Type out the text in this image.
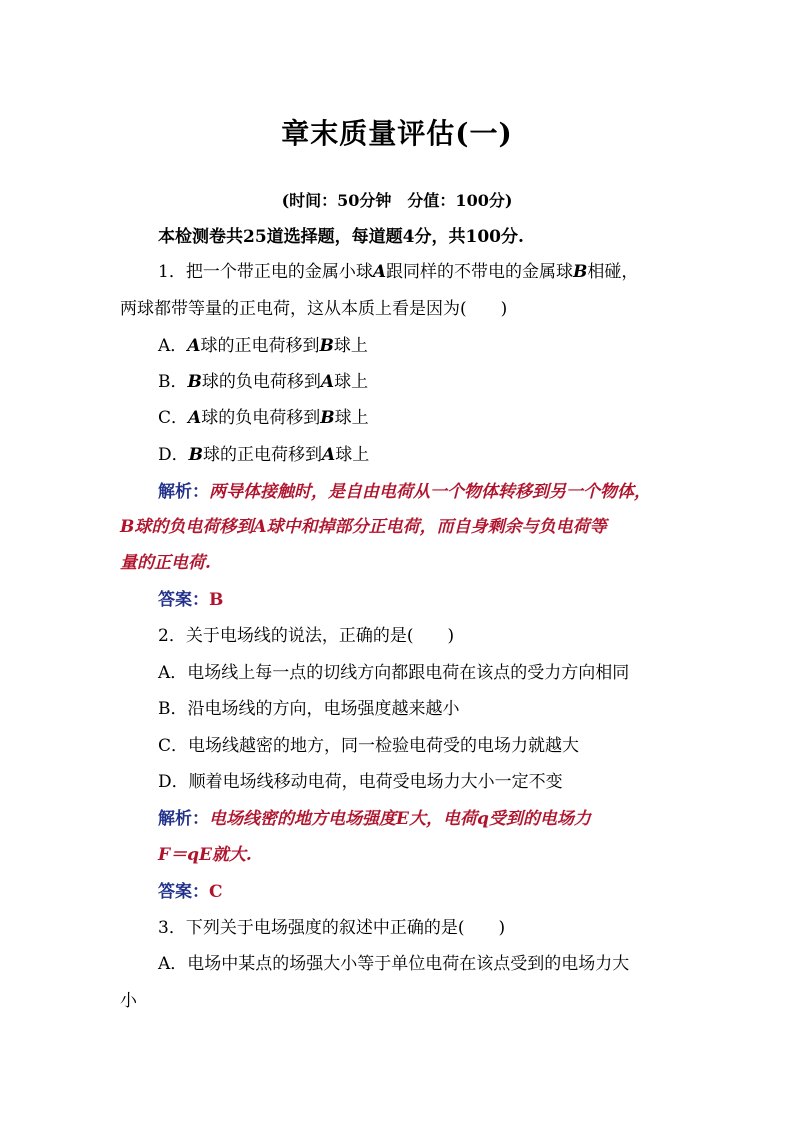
章末质量评估(一)
(时间：50分钟　分值：100分)
本检测卷共25道选择题，每道题4分，共100分.
1．把一个带正电的金属小球A跟同样的不带电的金属球B相碰，
两球都带等量的正电荷，这从本质上看是因为(　　)
A．A球的正电荷移到B球上
B．B球的负电荷移到A球上
C．A球的负电荷移到B球上
D．B球的正电荷移到A球上
解析：两导体接触时，是自由电荷从一个物体转移到另一个物体，
B球的负电荷移到A球中和掉部分正电荷，而自身剩余与负电荷等
量的正电荷.
答案：B
2．关于电场线的说法，正确的是(　　)
A．电场线上每一点的切线方向都跟电荷在该点的受力方向相同
B．沿电场线的方向，电场强度越来越小
C．电场线越密的地方，同一检验电荷受的电场力就越大
D．顺着电场线移动电荷，电荷受电场力大小一定不变
解析：电场线密的地方电场强度E大，电荷q受到的电场力
F＝qE就大.
答案：C
3．下列关于电场强度的叙述中正确的是(　　)
A．电场中某点的场强大小等于单位电荷在该点受到的电场力大
小
